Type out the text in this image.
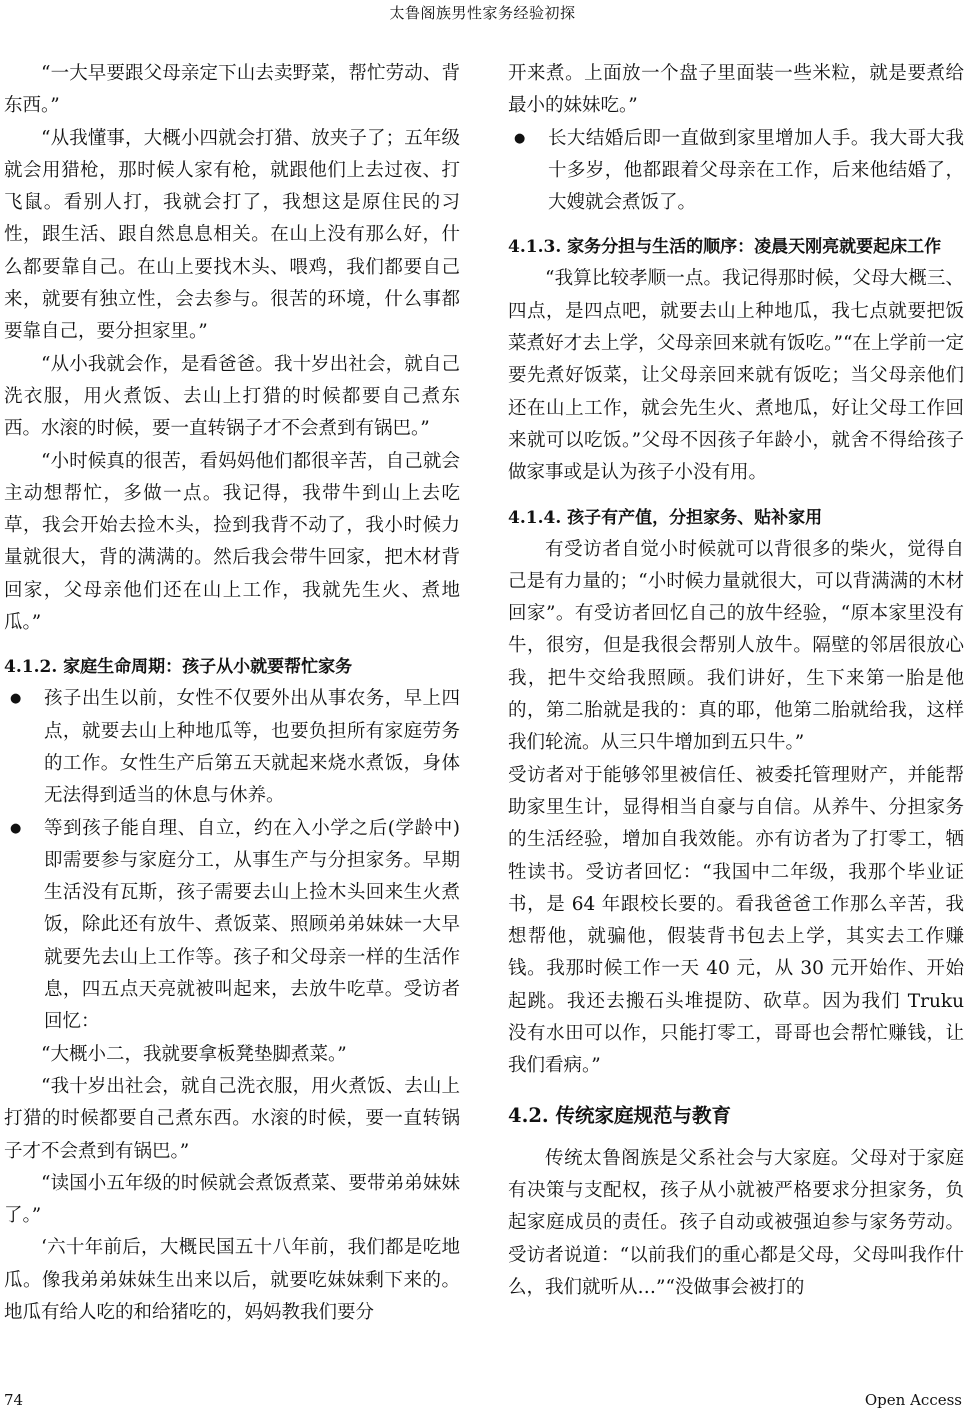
太鲁阁族男性家务经验初探

“一大早要跟父母亲定下山去卖野菜，帮忙劳动、背东西。”

“从我懂事，大概小四就会打猎、放夹子了；五年级就会用猎枪，那时候人家有枪，就跟他们上去过夜、打飞鼠。看别人打，我就会打了，我想这是原住民的习性，跟生活、跟自然息息相关。在山上没有那么好，什么都要靠自己。在山上要找木头、喂鸡，我们都要自己来，就要有独立性，会去参与。很苦的环境，什么事都要靠自己，要分担家里。”

“从小我就会作，是看爸爸。我十岁出社会，就自己洗衣服，用火煮饭、去山上打猎的时候都要自己煮东西。水滚的时候，要一直转锅子才不会煮到有锅巴。”

“小时候真的很苦，看妈妈他们都很辛苦，自己就会主动想帮忙，多做一点。我记得，我带牛到山上去吃草，我会开始去捡木头，捡到我背不动了，我小时候力量就很大，背的满满的。然后我会带牛回家，把木材背回家，父母亲他们还在山上工作，我就先生火、煮地瓜。”

4.1.2. 家庭生命周期：孩子从小就要帮忙家务
● 孩子出生以前，女性不仅要外出从事农务，早上四点，就要去山上种地瓜等，也要负担所有家庭劳务的工作。女性生产后第五天就起来烧水煮饭，身体无法得到适当的休息与休养。
● 等到孩子能自理、自立，约在入小学之后(学龄中)即需要参与家庭分工，从事生产与分担家务。早期生活没有瓦斯，孩子需要去山上捡木头回来生火煮饭，除此还有放牛、煮饭菜、照顾弟弟妹妹一大早就要先去山上工作等。孩子和父母亲一样的生活作息，四五点天亮就被叫起来，去放牛吃草。受访者回忆：

“大概小二，我就要拿板凳垫脚煮菜。”

“我十岁出社会，就自己洗衣服，用火煮饭、去山上打猎的时候都要自己煮东西。水滚的时候，要一直转锅子才不会煮到有锅巴。”

“读国小五年级的时候就会煮饭煮菜、要带弟弟妹妹了。”

‘六十年前后，大概民国五十八年前，我们都是吃地瓜。像我弟弟妹妹生出来以后，就要吃妹妹剩下来的。地瓜有给人吃的和给猪吃的，妈妈教我们要分

开来煮。上面放一个盘子里面装一些米粒，就是要煮给最小的妹妹吃。”

● 长大结婚后即一直做到家里增加人手。我大哥大我十多岁，他都跟着父母亲在工作，后来他结婚了，大嫂就会煮饭了。
4.1.3. 家务分担与生活的顺序：凌晨天刚亮就要起床工作

“我算比较孝顺一点。我记得那时候，父母大概三、四点，是四点吧，就要去山上种地瓜，我七点就要把饭菜煮好才去上学，父母亲回来就有饭吃。”“在上学前一定要先煮好饭菜，让父母亲回来就有饭吃；当父母亲他们还在山上工作，就会先生火、煮地瓜，好让父母工作回来就可以吃饭。”父母不因孩子年龄小，就舍不得给孩子做家事或是认为孩子小没有用。

4.1.4. 孩子有产值，分担家务、贴补家用

有受访者自觉小时候就可以背很多的柴火，觉得自己是有力量的；“小时候力量就很大，可以背满满的木材回家”。有受访者回忆自己的放牛经验，“原本家里没有牛，很穷，但是我很会帮别人放牛。隔壁的邻居很放心我，把牛交给我照顾。我们讲好，生下来第一胎是他的，第二胎就是我的：真的耶，他第二胎就给我，这样我们轮流。从三只牛增加到五只牛。”

受访者对于能够邻里被信任、被委托管理财产，并能帮助家里生计，显得相当自豪与自信。从养牛、分担家务的生活经验，增加自我效能。亦有访者为了打零工，牺牲读书。受访者回忆：“我国中二年级，我那个毕业证书，是 64 年跟校长要的。看我爸爸工作那么辛苦，我想帮他，就骗他，假装背书包去上学，其实去工作赚钱。我那时候工作一天 40 元，从 30 元开始作、开始起跳。我还去搬石头堆提防、砍草。因为我们 Truku 没有水田可以作，只能打零工，哥哥也会帮忙赚钱，让我们看病。”

4.2. 传统家庭规范与教育

传统太鲁阁族是父系社会与大家庭。父母对于家庭有决策与支配权，孩子从小就被严格要求分担家务，负起家庭成员的责任。孩子自动或被强迫参与家务劳动。受访者说道：“以前我们的重心都是父母，父母叫我作什么，我们就听从…”“没做事会被打的

74	Open Access
